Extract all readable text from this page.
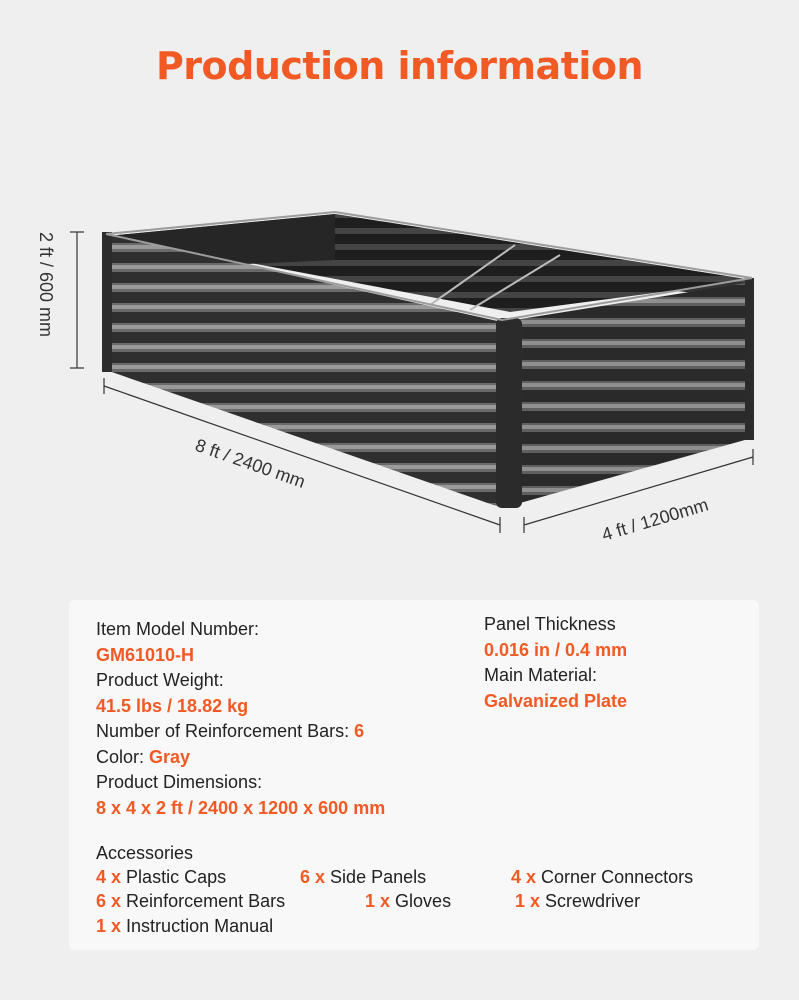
Production information
2 ft / 600 mm
8 ft / 2400 mm
4 ft / 1200mm
Item Model Number:
GM61010-H
Product Weight:
41.5 lbs / 18.82 kg
Number of Reinforcement Bars: 6
Color: Gray
Product Dimensions:
8 x 4 x 2 ft / 2400 x 1200 x 600 mm
Panel Thickness
0.016 in / 0.4 mm
Main Material:
Galvanized Plate
Accessories
4 x Plastic Caps	6 x Side Panels	4 x Corner Connectors
6 x Reinforcement Bars	1 x Gloves	1 x Screwdriver
1 x Instruction Manual
